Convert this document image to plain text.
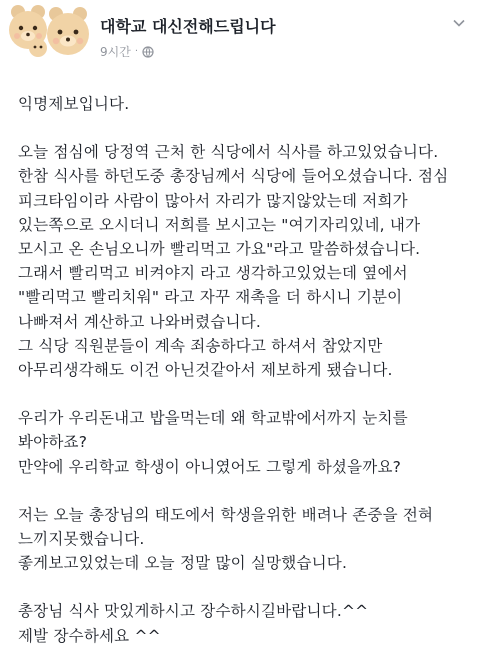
대학교 대신전해드립니다
9시간 ·

익명제보입니다.

오늘 점심에 당정역 근처 한 식당에서 식사를 하고있었습니다.
한참 식사를 하던도중 총장님께서 식당에 들어오셨습니다. 점심
피크타임이라 사람이 많아서 자리가 많지않았는데 저희가
있는쪽으로 오시더니 저희를 보시고는 "여기자리있네, 내가
모시고 온 손님오니까 빨리먹고 가요"라고 말씀하셨습니다.
그래서 빨리먹고 비켜야지 라고 생각하고있었는데 옆에서
"빨리먹고 빨리치워" 라고 자꾸 재촉을 더 하시니 기분이
나빠져서 계산하고 나와버렸습니다.
그 식당 직원분들이 계속 죄송하다고 하셔서 참았지만
아무리생각해도 이건 아닌것같아서 제보하게 됐습니다.

우리가 우리돈내고 밥을먹는데 왜 학교밖에서까지 눈치를
봐야하죠?
만약에 우리학교 학생이 아니였어도 그렇게 하셨을까요?

저는 오늘 총장님의 태도에서 학생을위한 배려나 존중을 전혀
느끼지못했습니다.
좋게보고있었는데 오늘 정말 많이 실망했습니다.

총장님 식사 맛있게하시고 장수하시길바랍니다.^^
제발 장수하세요 ^^
